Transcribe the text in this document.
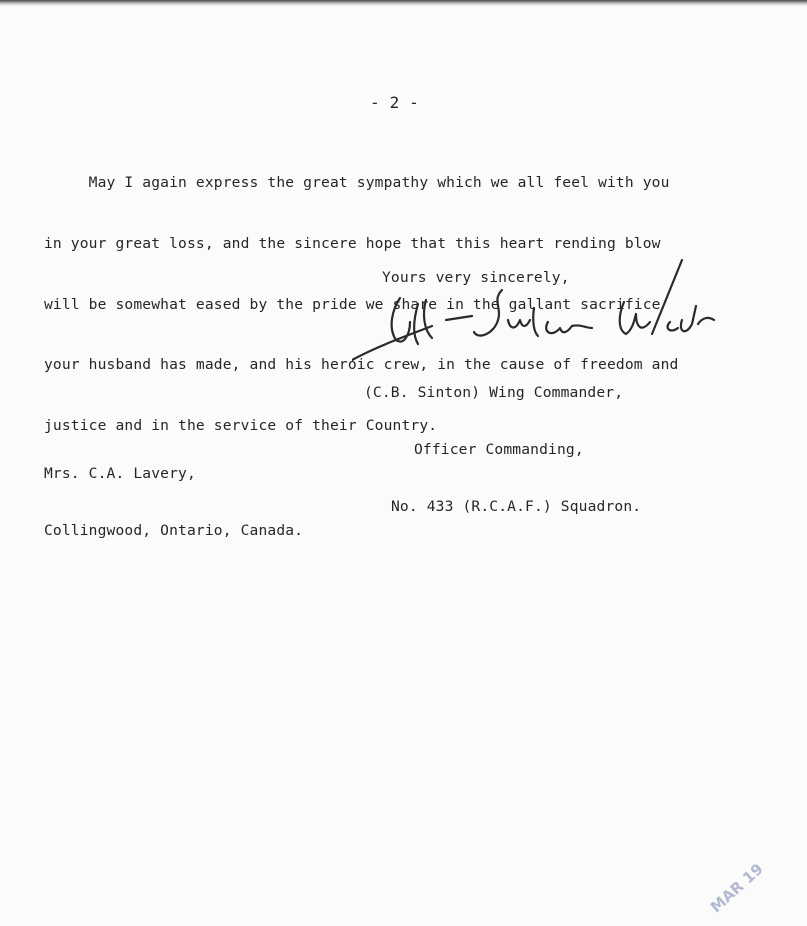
- 2 -

May I again express the great sympathy which we all feel with you

in your great loss, and the sincere hope that this heart rending blow

will be somewhat eased by the pride we share in the gallant sacrifice

your husband has made, and his heroic crew, in the cause of freedom and

justice and in the service of their Country.

Yours very sincerely,

(C.B. Sinton) Wing Commander,

Officer Commanding,

No. 433 (R.C.A.F.) Squadron.

Mrs. C.A. Lavery,

Collingwood, Ontario, Canada.

MAR 19
